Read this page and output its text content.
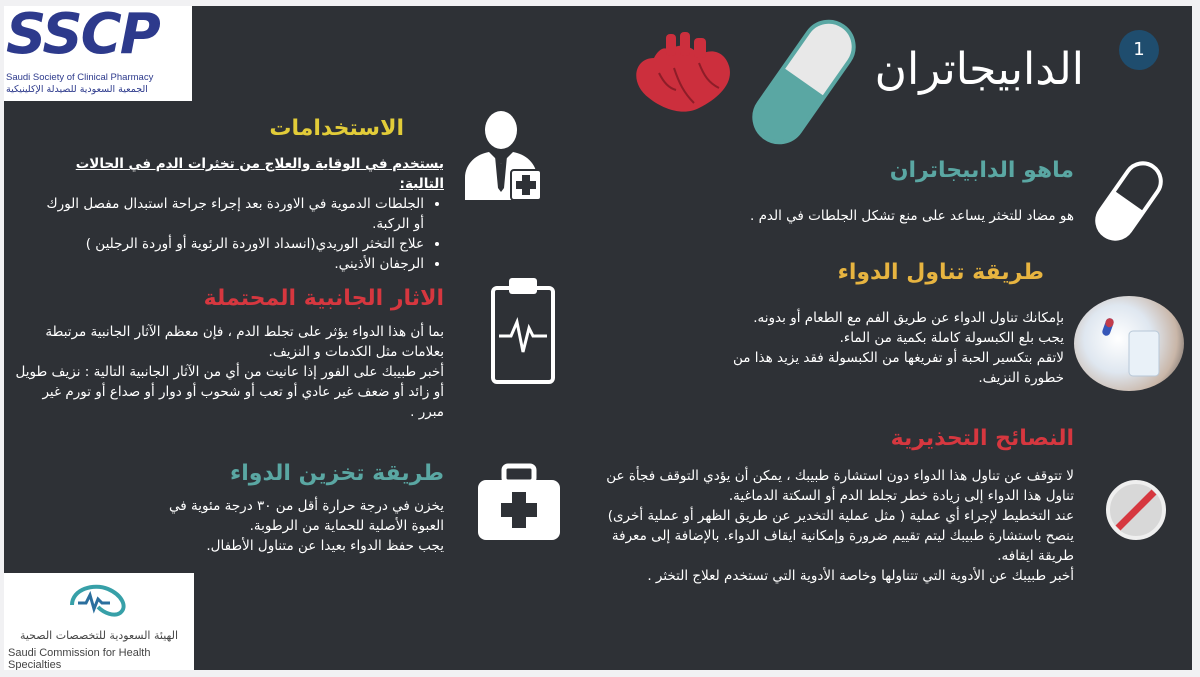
SSCP
Saudi Society of Clinical Pharmacy
الجمعية السعودية للصيدلة الإكلينيكية
1
الدابيجاتران
ماهو الدابيجاتران
هو مضاد للتخثر يساعد على منع تشكل الجلطات في الدم .
طريقة تناول الدواء

بإمكانك تناول الدواء عن طريق الفم مع الطعام أو بدونه.

يجب بلع الكبسولة كاملة بكمية من الماء.

لاتقم بتكسير الحبة أو تفريغها من الكبسولة فقد يزيد هذا من خطورة النزيف.

النصائح التحذيرية

لا تتوقف عن تناول هذا الدواء دون استشارة طبيبك ، يمكن أن يؤدي التوقف فجأة عن تناول هذا الدواء إلى زيادة خطر تجلط الدم أو السكتة الدماغية.

عند التخطيط لإجراء أي عملية ( مثل عملية التخدير عن طريق الظهر أو عملية أخرى) ينصح باستشارة طبيبك ليتم تقييم ضرورة وإمكانية ايقاف الدواء. بالإضافة إلى معرفة طريقة ايقافه.

أخبر طبيبك عن الأدوية التي تتناولها وخاصة الأدوية التي تستخدم لعلاج التخثر .

الاستخدامات

يستخدم في الوقاية والعلاج من تخثرات الدم في الحالات التالية:

• الجلطات الدموية في الاوردة بعد إجراء جراحة استبدال مفصل الورك أو الركبة.
• علاج التخثر الوريدي(انسداد الاوردة الرئوية أو أوردة الرجلين )
• الرجفان الأذيني.
الاثار الجانبية المحتملة

بما أن هذا الدواء يؤثر على تجلط الدم ، فإن معظم الآثار الجانبية مرتبطة بعلامات مثل الكدمات و النزيف.

أخبر طبيبك على الفور إذا عانيت من أي من الآثار الجانبية التالية : نزيف طويل أو زائد أو ضعف غير عادي أو تعب أو شحوب أو دوار أو صداع أو تورم غير مبرر .

طريقة تخزين الدواء

يخزن في درجة حرارة أقل من ٣٠ درجة مئوية في العبوة الأصلية للحماية من الرطوبة.

يجب حفظ الدواء بعيدا عن متناول الأطفال.

الهيئة السعودية للتخصصات الصحية
Saudi Commission for Health Specialties
